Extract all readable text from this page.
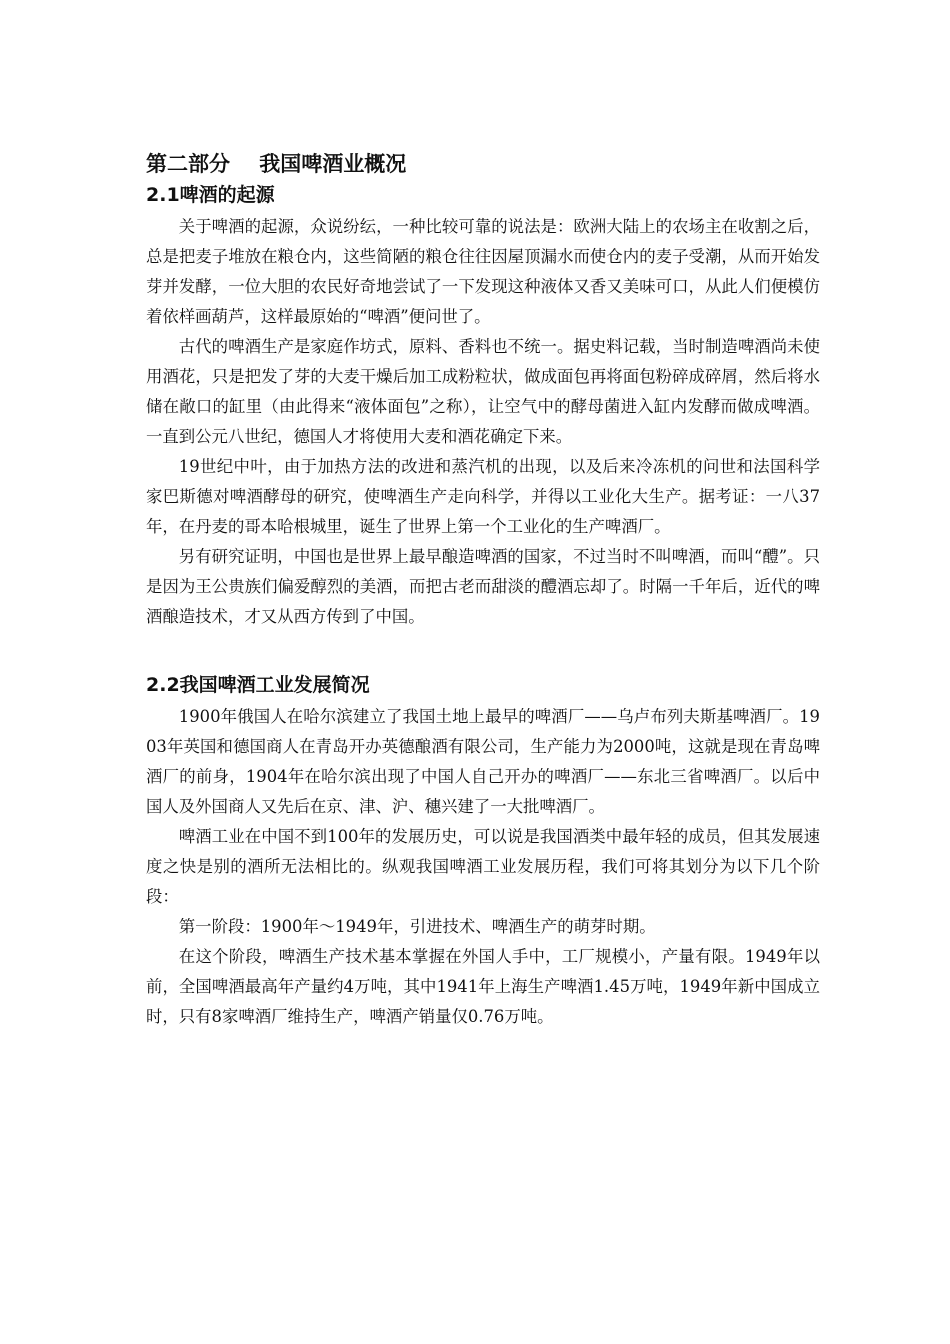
第二部分    我国啤酒业概况
2.1啤酒的起源

关于啤酒的起源，众说纷纭，一种比较可靠的说法是：欧洲大陆上的农场主在收割之后，总是把麦子堆放在粮仓内，这些简陋的粮仓往往因屋顶漏水而使仓内的麦子受潮，从而开始发芽并发酵，一位大胆的农民好奇地尝试了一下发现这种液体又香又美味可口，从此人们便模仿着依样画葫芦，这样最原始的“啤酒”便问世了。

古代的啤酒生产是家庭作坊式，原料、香料也不统一。据史料记载，当时制造啤酒尚未使用酒花，只是把发了芽的大麦干燥后加工成粉粒状，做成面包再将面包粉碎成碎屑，然后将水储在敞口的缸里（由此得来“液体面包”之称），让空气中的酵母菌进入缸内发酵而做成啤酒。一直到公元八世纪，德国人才将使用大麦和酒花确定下来。

19世纪中叶，由于加热方法的改进和蒸汽机的出现，以及后来冷冻机的问世和法国科学家巴斯德对啤酒酵母的研究，使啤酒生产走向科学，并得以工业化大生产。据考证：一八37年，在丹麦的哥本哈根城里，诞生了世界上第一个工业化的生产啤酒厂。

另有研究证明，中国也是世界上最早酿造啤酒的国家，不过当时不叫啤酒，而叫“醴”。只是因为王公贵族们偏爱醇烈的美酒，而把古老而甜淡的醴酒忘却了。时隔一千年后，近代的啤酒酿造技术，才又从西方传到了中国。

2.2我国啤酒工业发展简况

1900年俄国人在哈尔滨建立了我国土地上最早的啤酒厂——乌卢布列夫斯基啤酒厂。1903年英国和德国商人在青岛开办英德酿酒有限公司，生产能力为2000吨，这就是现在青岛啤酒厂的前身，1904年在哈尔滨出现了中国人自己开办的啤酒厂——东北三省啤酒厂。以后中国人及外国商人又先后在京、津、沪、穗兴建了一大批啤酒厂。

啤酒工业在中国不到100年的发展历史，可以说是我国酒类中最年轻的成员，但其发展速度之快是别的酒所无法相比的。纵观我国啤酒工业发展历程，我们可将其划分为以下几个阶段：

第一阶段：1900年～1949年，引进技术、啤酒生产的萌芽时期。

在这个阶段，啤酒生产技术基本掌握在外国人手中，工厂规模小，产量有限。1949年以前，全国啤酒最高年产量约4万吨，其中1941年上海生产啤酒1.45万吨，1949年新中国成立时，只有8家啤酒厂维持生产，啤酒产销量仅0.76万吨。
